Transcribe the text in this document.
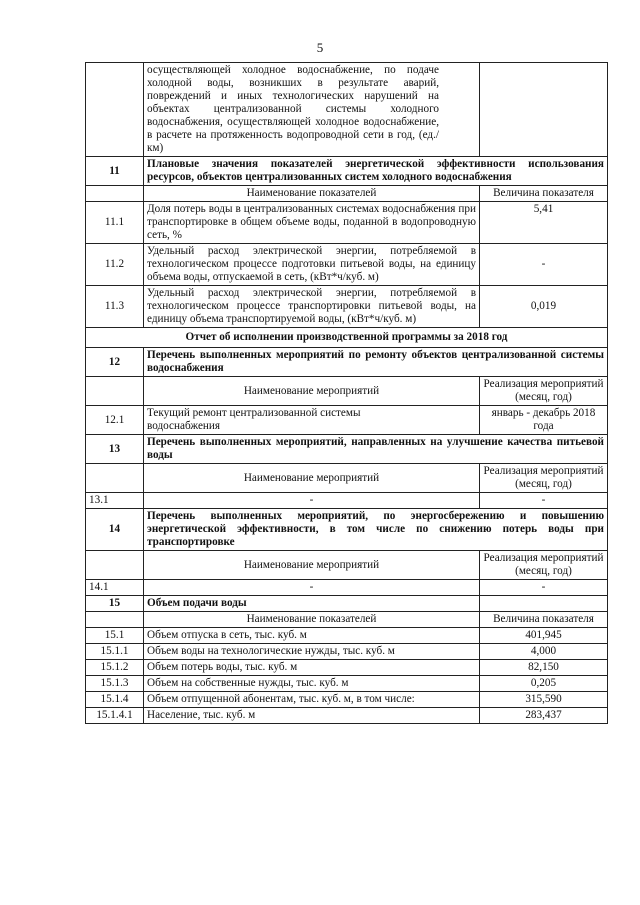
5
	осуществляющей холодное водоснабжение, по подаче холодной воды, возникших в результате аварий, повреждений и иных технологических нарушений на объектах централизованной системы холодного водоснабжения, осуществляющей холодное водоснабжение, в расчете на протяженность водопроводной сети в год, (ед./км)	
11	Плановые значения показателей энергетической эффективности использования ресурсов, объектов централизованных систем холодного водоснабжения	
	Наименование показателей	Величина показателя
11.1	Доля потерь воды в централизованных системах водоснабжения при транспортировке в общем объеме воды, поданной в водопроводную сеть, %	5,41
11.2	Удельный расход электрической энергии, потребляемой в технологическом процессе подготовки питьевой воды, на единицу объема воды, отпускаемой в сеть, (кВт*ч/куб. м)	-
11.3	Удельный расход электрической энергии, потребляемой в технологическом процессе транспортировки питьевой воды, на единицу объема транспортируемой воды, (кВт*ч/куб. м)	0,019
Отчет об исполнении производственной программы за 2018 год		
12	Перечень выполненных мероприятий по ремонту объектов централизованной системы водоснабжения	
	Наименование мероприятий	Реализация мероприятий (месяц, год)
12.1	Текущий ремонт централизованной системы водоснабжения	январь - декабрь 2018 года
13	Перечень выполненных мероприятий, направленных на улучшение качества питьевой воды	
	Наименование мероприятий	Реализация мероприятий (месяц, год)
13.1	-	-
14	Перечень выполненных мероприятий, по энергосбережению и повышению энергетической эффективности, в том числе по снижению потерь воды при транспортировке	
	Наименование мероприятий	Реализация мероприятий (месяц, год)
14.1	-	-
15	Объем подачи воды	
	Наименование показателей	Величина показателя
15.1	Объем отпуска в сеть, тыс. куб. м	401,945
15.1.1	Объем воды на технологические нужды, тыс. куб. м	4,000
15.1.2	Объем потерь воды, тыс. куб. м	82,150
15.1.3	Объем на собственные нужды, тыс. куб. м	0,205
15.1.4	Объем отпущенной абонентам, тыс. куб. м, в том числе:	315,590
15.1.4.1	Население, тыс. куб. м	283,437
